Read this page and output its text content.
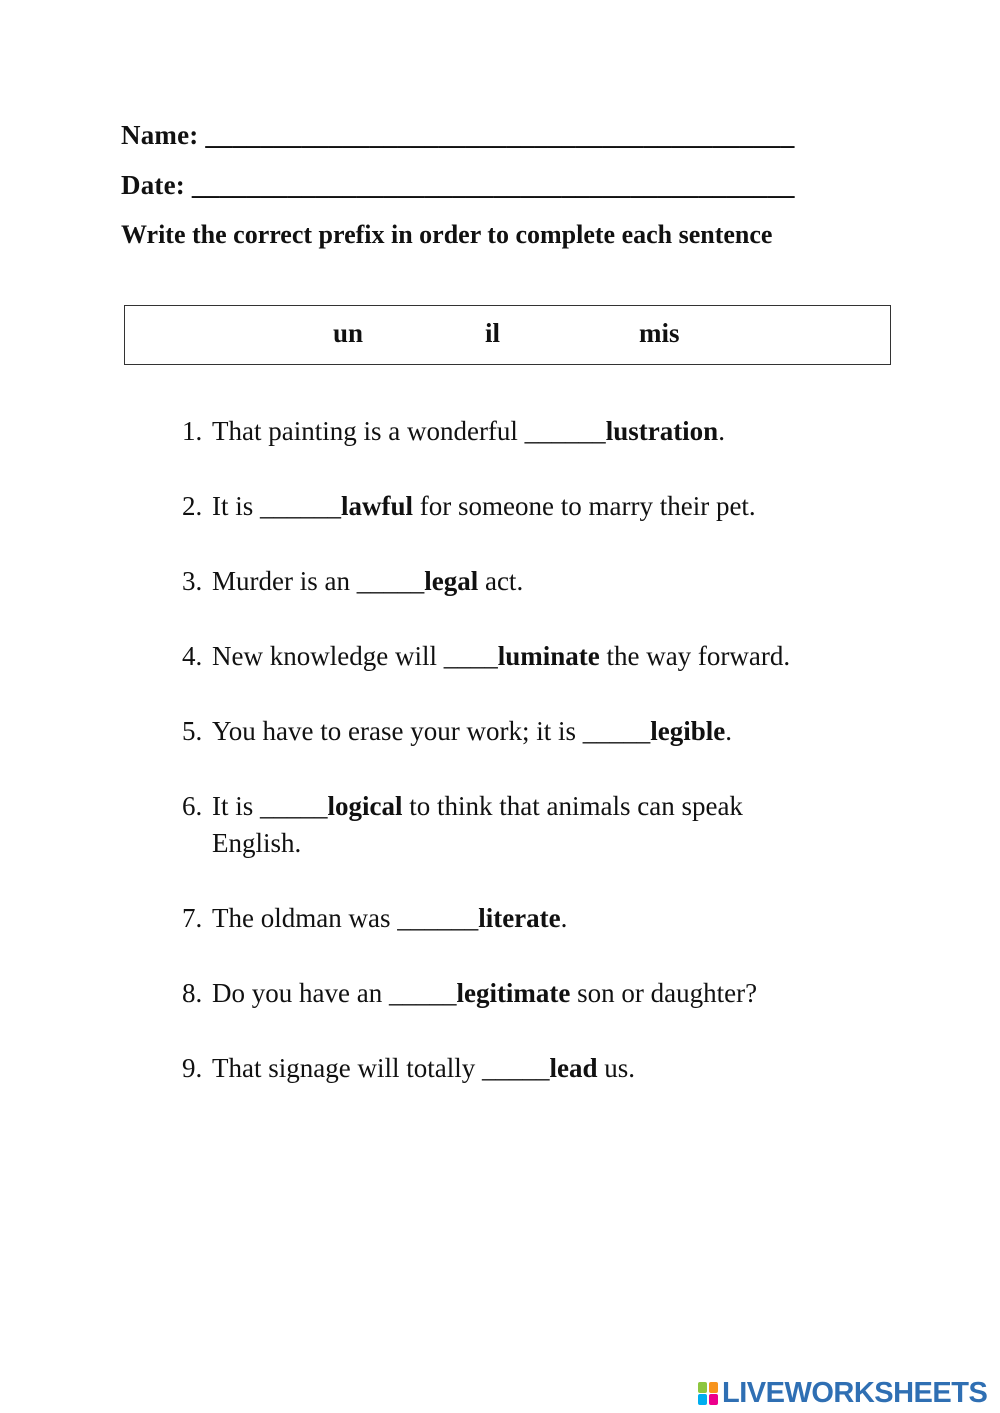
Name: ___________________________________________
Date: ____________________________________________
Write the correct prefix in order to complete each sentence
un	il	mis
1. That painting is a wonderful ______lustration.
2. It is ______lawful for someone to marry their pet.
3. Murder is an _____legal act.
4. New knowledge will ____luminate the way forward.
5. You have to erase your work; it is _____legible.
6. It is _____logical to think that animals can speak
English.
7. The oldman was ______literate.
8. Do you have an _____legitimate son or daughter?
9. That signage will totally _____lead us.
LIVEWORKSHEETS
